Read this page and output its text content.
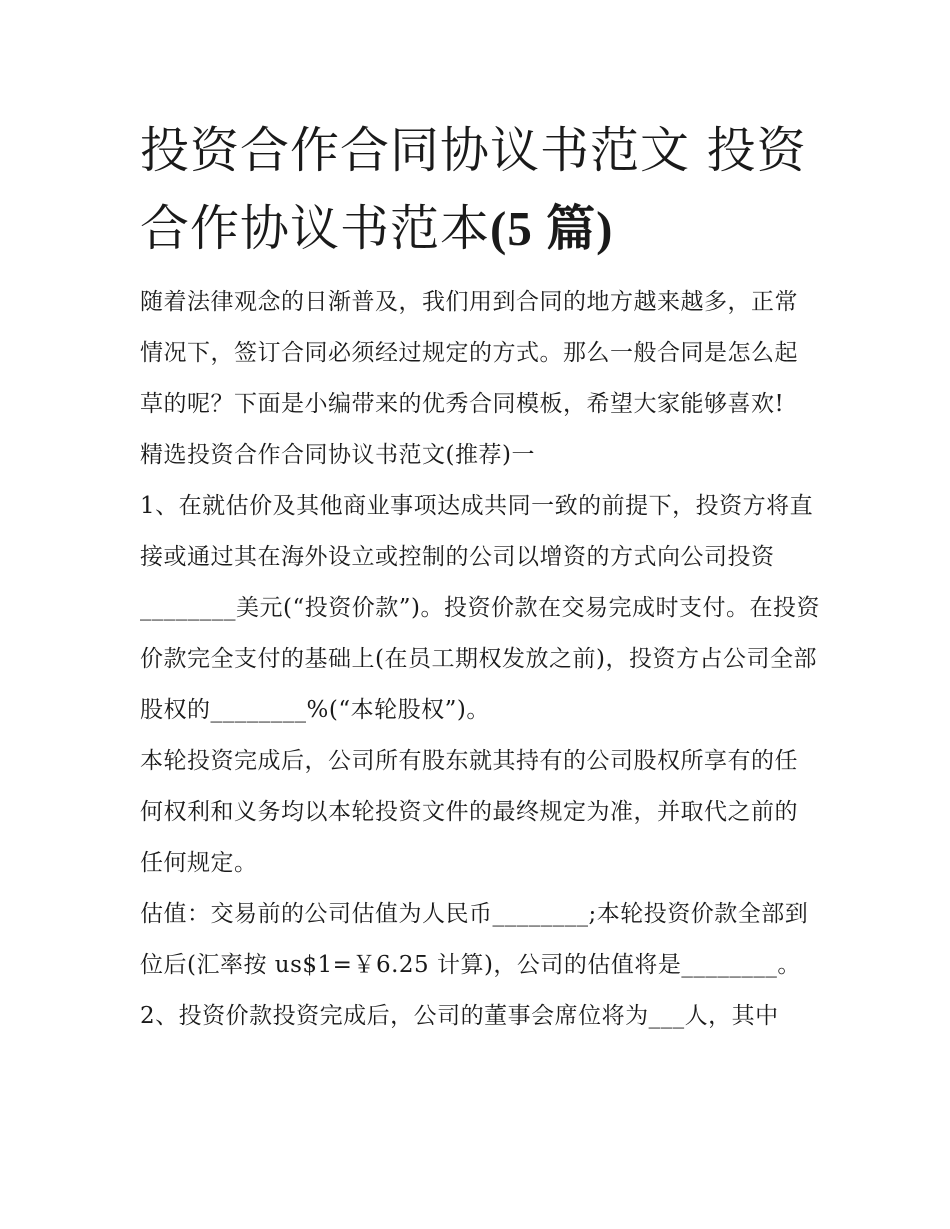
投资合作合同协议书范文 投资合作协议书范本(5 篇)

随着法律观念的日渐普及，我们用到合同的地方越来越多，正常情况下，签订合同必须经过规定的方式。那么一般合同是怎么起草的呢？下面是小编带来的优秀合同模板，希望大家能够喜欢!

精选投资合作合同协议书范文(推荐)一

1、在就估价及其他商业事项达成共同一致的前提下，投资方将直接或通过其在海外设立或控制的公司以增资的方式向公司投资________美元(“投资价款”)。投资价款在交易完成时支付。在投资价款完全支付的基础上(在员工期权发放之前)，投资方占公司全部股权的________%(“本轮股权”)。

本轮投资完成后，公司所有股东就其持有的公司股权所享有的任何权利和义务均以本轮投资文件的最终规定为准，并取代之前的任何规定。

估值：交易前的公司估值为人民币________;本轮投资价款全部到位后(汇率按 us$1=￥6.25 计算)，公司的估值将是________。

2、投资价款投资完成后，公司的董事会席位将为___人，其中
